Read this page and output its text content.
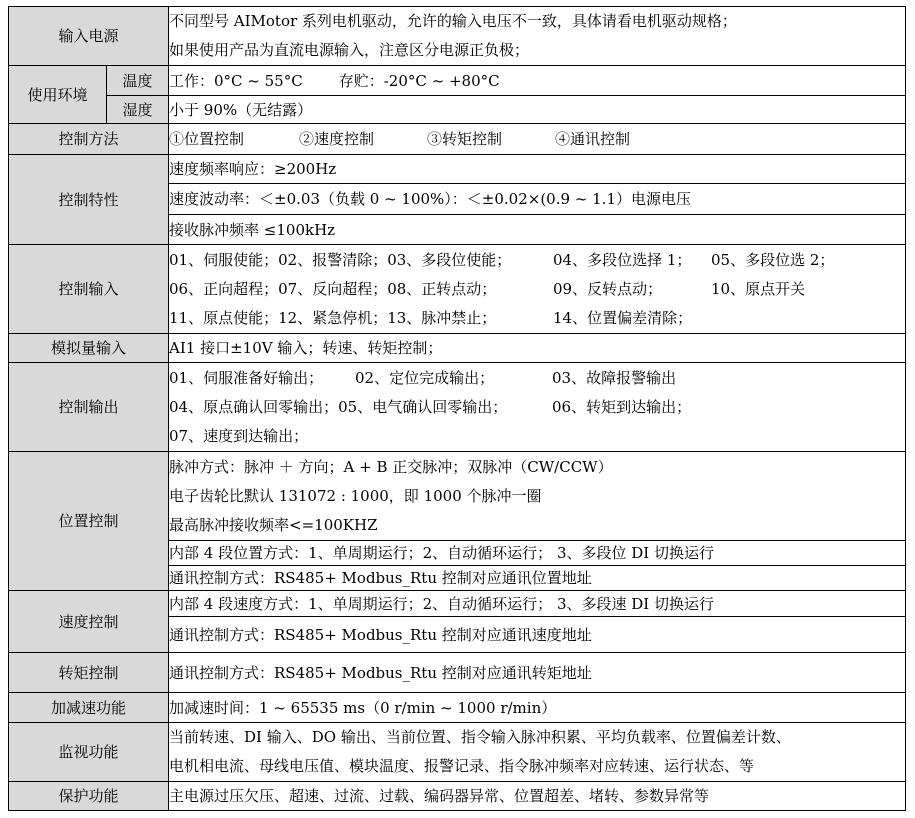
输入电源		不同型号 AIMotor 系列电机驱动，允许的输入电压不一致，具体请看电机驱动规格；
如果使用产品为直流电源输入，注意区分电源正负极；

使用环境	温度	工作：0°C ~ 55°C 存贮：-20°C ~ +80°C
	湿度	小于 90%（无结露）
控制方法		①位置控制 ②速度控制 ③转矩控制 ④通讯控制
控制特性		速度频率响应：≥200Hz
		速度波动率：＜±0.03（负载 0 ~ 100%）：＜±0.02×(0.9 ~ 1.1）电源电压
		接收脉冲频率 ≤100kHz
控制输入		01、伺服使能；02、报警清除；03、多段位使能； 04、多段位选择 1； 05、多段位选 2；
06、正向超程；07、反向超程；08、正转点动； 09、反转点动； 10、原点开关
11、原点使能；12、紧急停机；13、脉冲禁止； 14、位置偏差清除；

模拟量输入		AI1 接口±10V 输入；转速、转矩控制；
控制输出		01、伺服准备好输出； 02、定位完成输出； 03、故障报警输出
04、原点确认回零输出；05、电气确认回零输出； 06、转矩到达输出；
07、速度到达输出；

位置控制		脉冲方式：脉冲 ＋ 方向；A + B 正交脉冲；双脉冲（CW/CCW）
电子齿轮比默认 131072 : 1000，即 1000 个脉冲一圈
最高脉冲接收频率<=100KHZ

		内部 4 段位置方式：1、单周期运行；2、自动循环运行； 3、多段位 DI 切换运行
		通讯控制方式：RS485+ Modbus_Rtu 控制对应通讯位置地址
速度控制		内部 4 段速度方式：1、单周期运行；2、自动循环运行； 3、多段速 DI 切换运行
		通讯控制方式：RS485+ Modbus_Rtu 控制对应通讯速度地址
转矩控制		通讯控制方式：RS485+ Modbus_Rtu 控制对应通讯转矩地址
加减速功能		加减速时间：1 ~ 65535 ms（0 r/min ~ 1000 r/min）
监视功能		当前转速、DI 输入、DO 输出、当前位置、指令输入脉冲积累、平均负载率、位置偏差计数、
电机相电流、母线电压值、模块温度、报警记录、指令脉冲频率对应转速、运行状态、等

保护功能		主电源过压欠压、超速、过流、过载、编码器异常、位置超差、堵转、参数异常等
